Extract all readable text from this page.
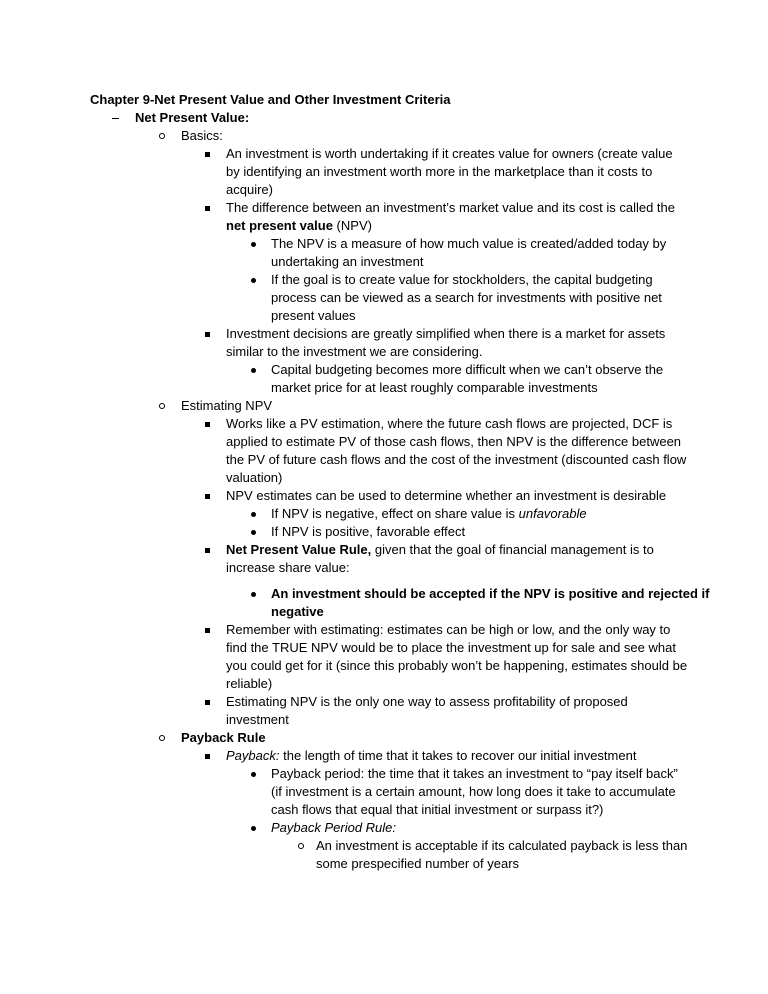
Chapter 9-Net Present Value and Other Investment Criteria
Net Present Value:
Basics:
An investment is worth undertaking if it creates value for owners (create value
by identifying an investment worth more in the marketplace than it costs to
acquire)
The difference between an investment’s market value and its cost is called the
net present value (NPV)
The NPV is a measure of how much value is created/added today by
undertaking an investment
If the goal is to create value for stockholders, the capital budgeting
process can be viewed as a search for investments with positive net
present values
Investment decisions are greatly simplified when there is a market for assets
similar to the investment we are considering.
Capital budgeting becomes more difficult when we can’t observe the
market price for at least roughly comparable investments
Estimating NPV
Works like a PV estimation, where the future cash flows are projected, DCF is
applied to estimate PV of those cash flows, then NPV is the difference between
the PV of future cash flows and the cost of the investment (discounted cash flow
valuation)
NPV estimates can be used to determine whether an investment is desirable
If NPV is negative, effect on share value is unfavorable
If NPV is positive, favorable effect
Net Present Value Rule, given that the goal of financial management is to
increase share value:
An investment should be accepted if the NPV is positive and rejected if
negative
Remember with estimating: estimates can be high or low, and the only way to
find the TRUE NPV would be to place the investment up for sale and see what
you could get for it (since this probably won’t be happening, estimates should be
reliable)
Estimating NPV is the only one way to assess profitability of proposed
investment
Payback Rule
Payback: the length of time that it takes to recover our initial investment
Payback period: the time that it takes an investment to “pay itself back”
(if investment is a certain amount, how long does it take to accumulate
cash flows that equal that initial investment or surpass it?)
Payback Period Rule:
An investment is acceptable if its calculated payback is less than
some prespecified number of years
